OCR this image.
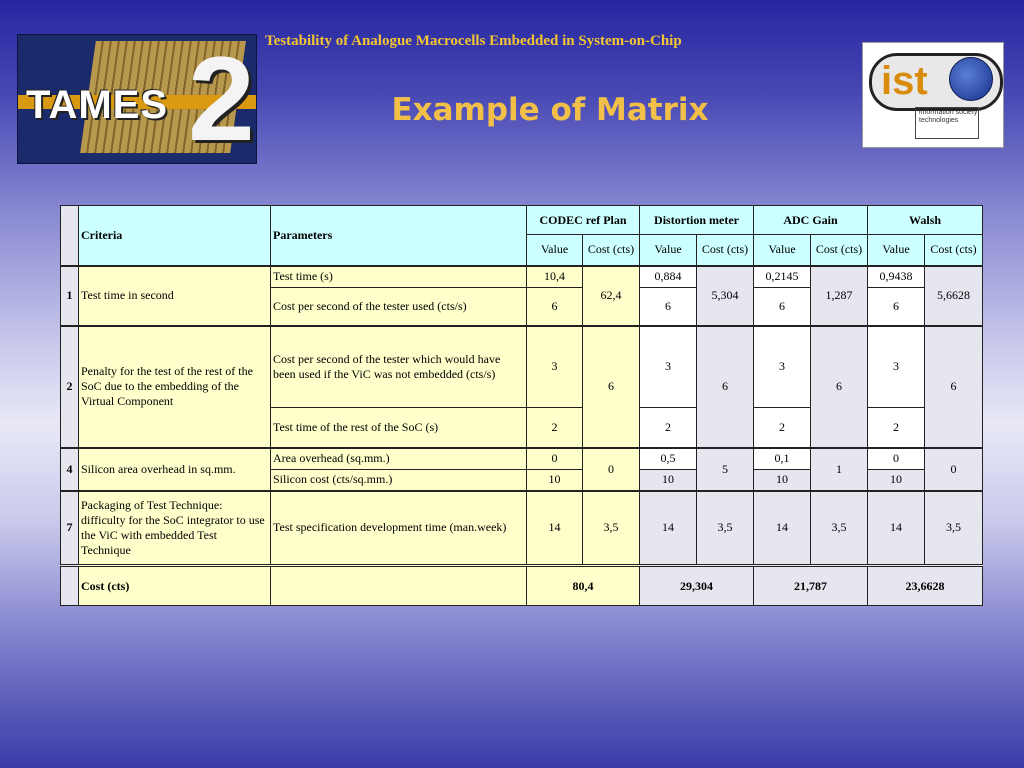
TAMES 2 Testability of Analogue Macrocells Embedded in System-on-Chip
Example of Matrix
ist
information society technologies
	Criteria	Parameters	CODEC ref Plan		Distortion meter		ADC Gain		Walsh	
			Value	Cost (cts)	Value	Cost (cts)	Value	Cost (cts)	Value	Cost (cts)
1	Test time in second	Test time (s)	10,4	62,4	0,884	5,304	0,2145	1,287	0,9438	5,6628
		Cost per second of the tester used (cts/s)	6		6		6		6	
2	Penalty for the test of the rest of the SoC due to the embedding of the Virtual Component	Cost per second of the tester which would have been used if the ViC was not embedded (cts/s)	3	6	3	6	3	6	3	6
		Test time of the rest of the SoC (s)	2		2		2		2	
4	Silicon area overhead in sq.mm.	Area overhead (sq.mm.)	0	0	0,5	5	0,1	1	0	0
		Silicon cost (cts/sq.mm.)	10		10		10		10	
7	Packaging of Test Technique: difficulty for the SoC integrator to use the ViC with embedded Test Technique	Test specification development time (man.week)	14	3,5	14	3,5	14	3,5	14	3,5
	Cost (cts)		80,4		29,304		21,787		23,6628	
